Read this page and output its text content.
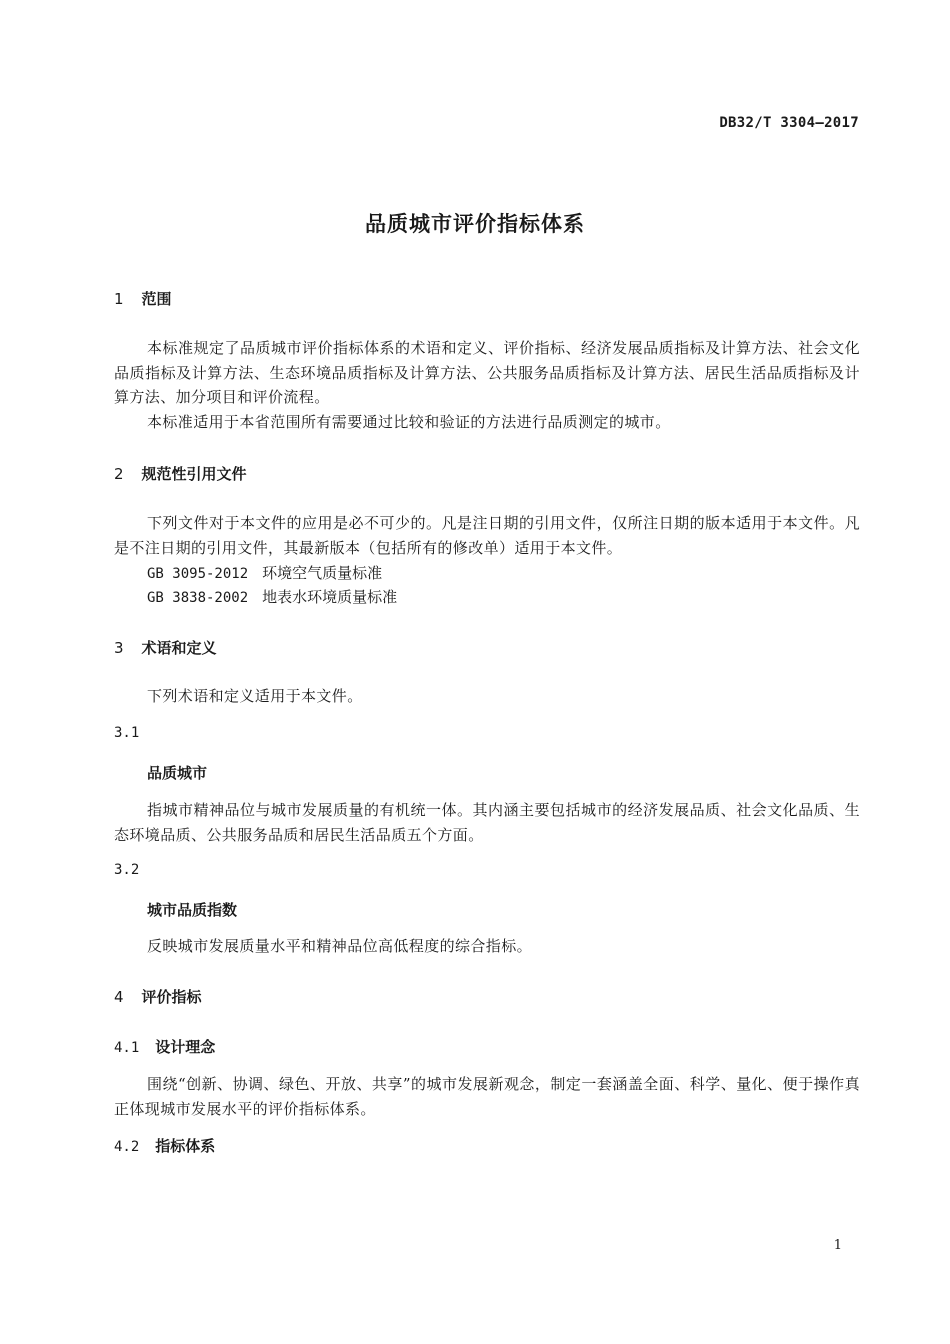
DB32/T 3304—2017
品质城市评价指标体系
1 范围
本标准规定了品质城市评价指标体系的术语和定义、评价指标、经济发展品质指标及计算方法、社会文化品质指标及计算方法、生态环境品质指标及计算方法、公共服务品质指标及计算方法、居民生活品质指标及计算方法、加分项目和评价流程。
本标准适用于本省范围所有需要通过比较和验证的方法进行品质测定的城市。
2 规范性引用文件
下列文件对于本文件的应用是必不可少的。凡是注日期的引用文件，仅所注日期的版本适用于本文件。凡是不注日期的引用文件，其最新版本（包括所有的修改单）适用于本文件。
GB 3095-2012 环境空气质量标准
GB 3838-2002 地表水环境质量标准
3 术语和定义
下列术语和定义适用于本文件。
3.1
品质城市
指城市精神品位与城市发展质量的有机统一体。其内涵主要包括城市的经济发展品质、社会文化品质、生态环境品质、公共服务品质和居民生活品质五个方面。
3.2
城市品质指数
反映城市发展质量水平和精神品位高低程度的综合指标。
4 评价指标
4.1 设计理念
围绕“创新、协调、绿色、开放、共享”的城市发展新观念，制定一套涵盖全面、科学、量化、便于操作真正体现城市发展水平的评价指标体系。
4.2 指标体系
1
